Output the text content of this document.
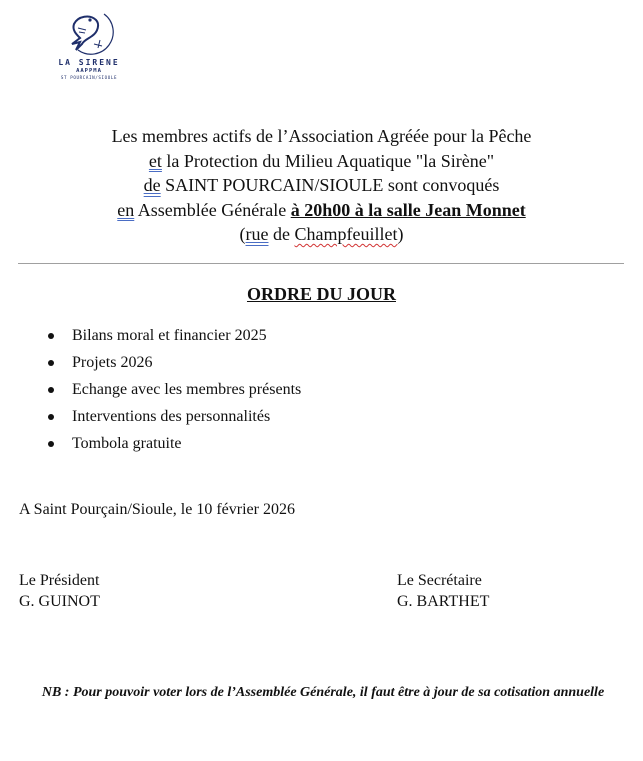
LA SIRENE
AAPPMA
ST POURCAIN/SIOULE
Les membres actifs de l’Association Agréée pour la Pêche
et la Protection du Milieu Aquatique "la Sirène"
de SAINT POURCAIN/SIOULE sont convoqués
en Assemblée Générale à 20h00 à la salle Jean Monnet
(rue de Champfeuillet)
ORDRE DU JOUR
Bilans moral et financier 2025
Projets 2026
Echange avec les membres présents
Interventions des personnalités
Tombola gratuite
A Saint Pourçain/Sioule, le 10 février 2026
Le Président
G. GUINOT
Le Secrétaire
G. BARTHET
NB : Pour pouvoir voter lors de l’Assemblée Générale, il faut être à jour de sa cotisation annuelle
